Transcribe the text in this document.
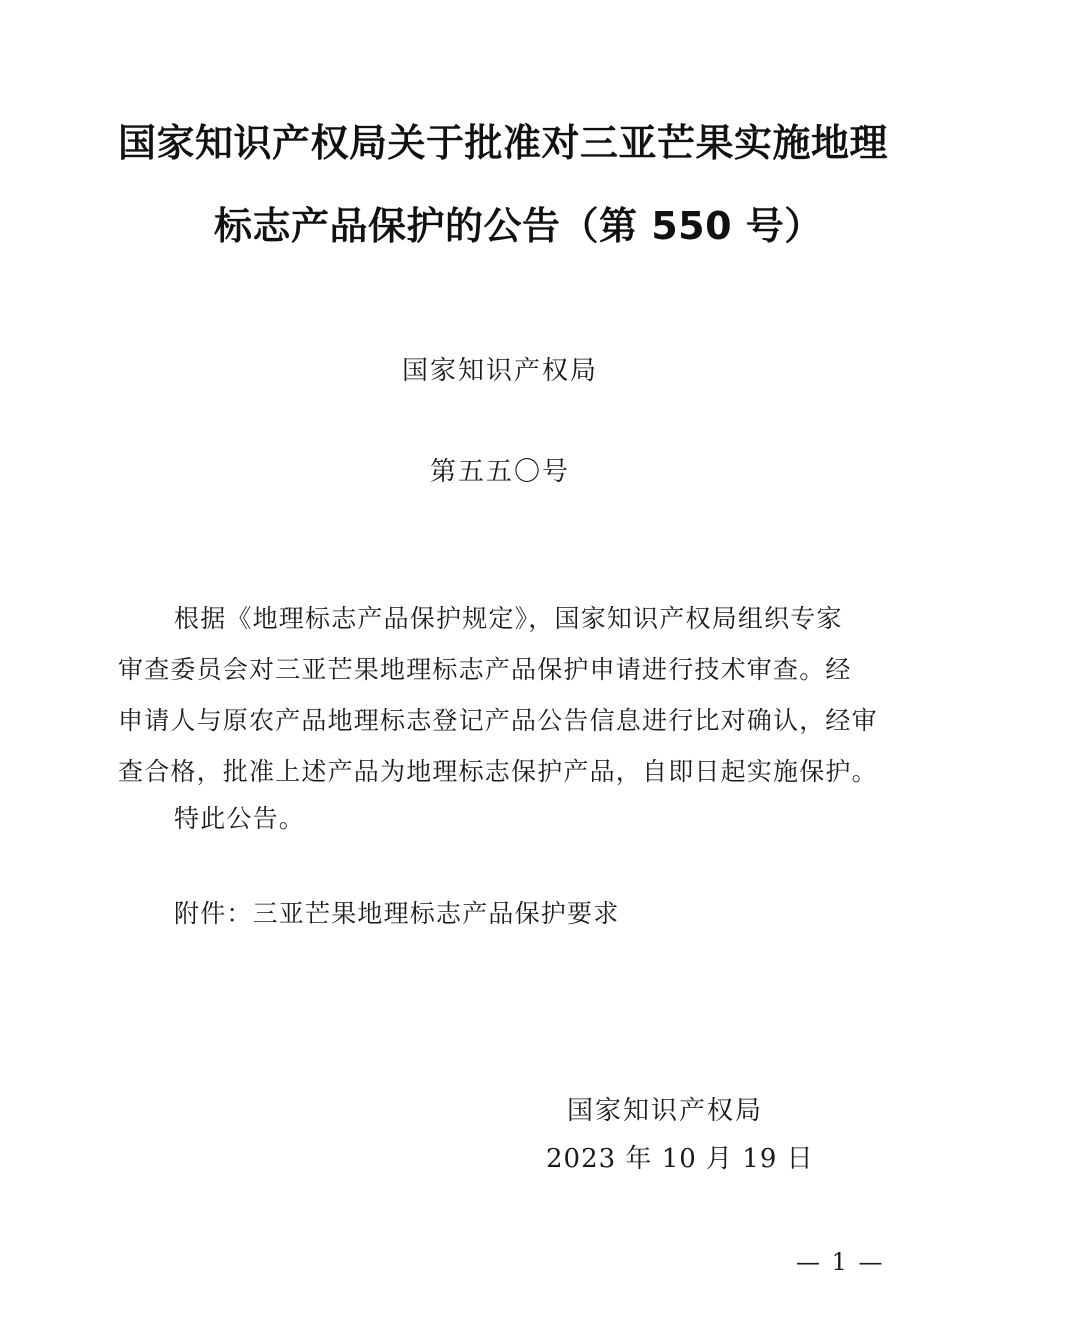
国家知识产权局关于批准对三亚芒果实施地理
标志产品保护的公告（第 550 号）
国家知识产权局
第五五〇号
根据《地理标志产品保护规定》，国家知识产权局组织专家
审查委员会对三亚芒果地理标志产品保护申请进行技术审查。经
申请人与原农产品地理标志登记产品公告信息进行比对确认，经审
查合格，批准上述产品为地理标志保护产品，自即日起实施保护。
特此公告。
附件：三亚芒果地理标志产品保护要求
国家知识产权局
2023 年 10 月 19 日
— 1 —
